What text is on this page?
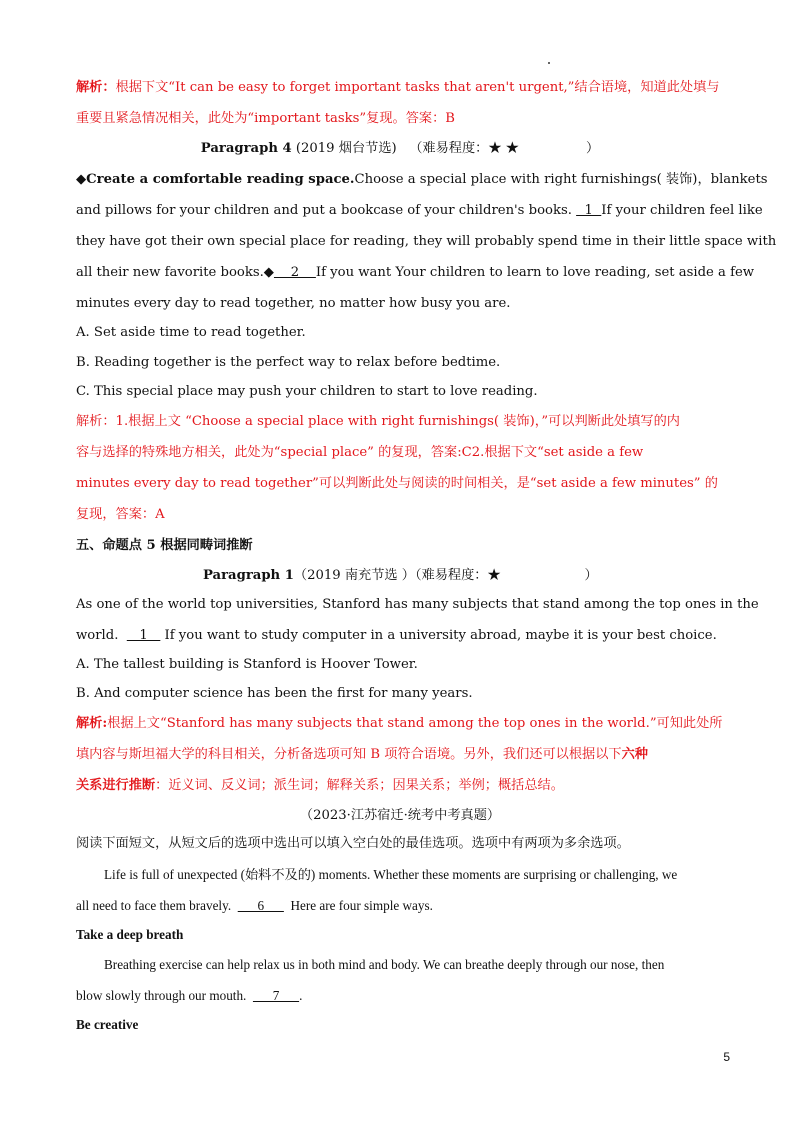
解析：根据下文“It can be easy to forget important tasks that aren't urgent,”结合语境，知道此处填与
重要且紧急情况相关，此处为“important tasks”复现。答案：B
Paragraph 4 (2019 烟台节选) （难易程度：★ ★	）
◆Create a comfortable reading space.Choose a special place with right furnishings( 装饰)，blankets
and pillows for your children and put a bookcase of your children's books.   1  If your children feel like
they have got their own special place for reading, they will probably spend time in their little space with
all their new favorite books.◆    2    If you want Your children to learn to love reading, set aside a few
minutes every day to read together, no matter how busy you are.
A. Set aside time to read together.
B. Reading together is the perfect way to relax before bedtime.
C. This special place may push your children to start to love reading.
解析：1.根据上文 “Choose a special place with right furnishings( 装饰)，”可以判断此处填写的内
容与选择的特殊地方相关，此处为“special place” 的复现，答案:C2.根据下文“set aside a few
minutes every day to read together”可以判断此处与阅读的时间相关，是“set aside a few minutes” 的
复现，答案：A
五、命题点 5 根据同畴词推断
Paragraph 1（2019 南充节选 ）（难易程度：★	）
As one of the world top universities, Stanford has many subjects that stand among the top ones in the
world.     1    If you want to study computer in a university abroad, maybe it is your best choice.
A. The tallest building is Stanford is Hoover Tower.
B. And computer science has been the first for many years.
解析:根据上文“Stanford has many subjects that stand among the top ones in the world.”可知此处所
填内容与斯坦福大学的科目相关，分析备选项可知 B 项符合语境。另外，我们还可以根据以下六种
关系进行推断：近义词、反义词；派生词；解释关系；因果关系；举例；概括总结。
（2023·江苏宿迁·统考中考真题）
阅读下面短文，从短文后的选项中选出可以填入空白处的最佳选项。选项中有两项为多余选项。
Life is full of unexpected (始料不及的) moments. Whether these moments are surprising or challenging, we
all need to face them bravely.        6        Here are four simple ways.
Take a deep breath
Breathing exercise can help relax us in both mind and body. We can breathe deeply through our nose, then
blow slowly through our mouth.        7      .
Be creative
5
